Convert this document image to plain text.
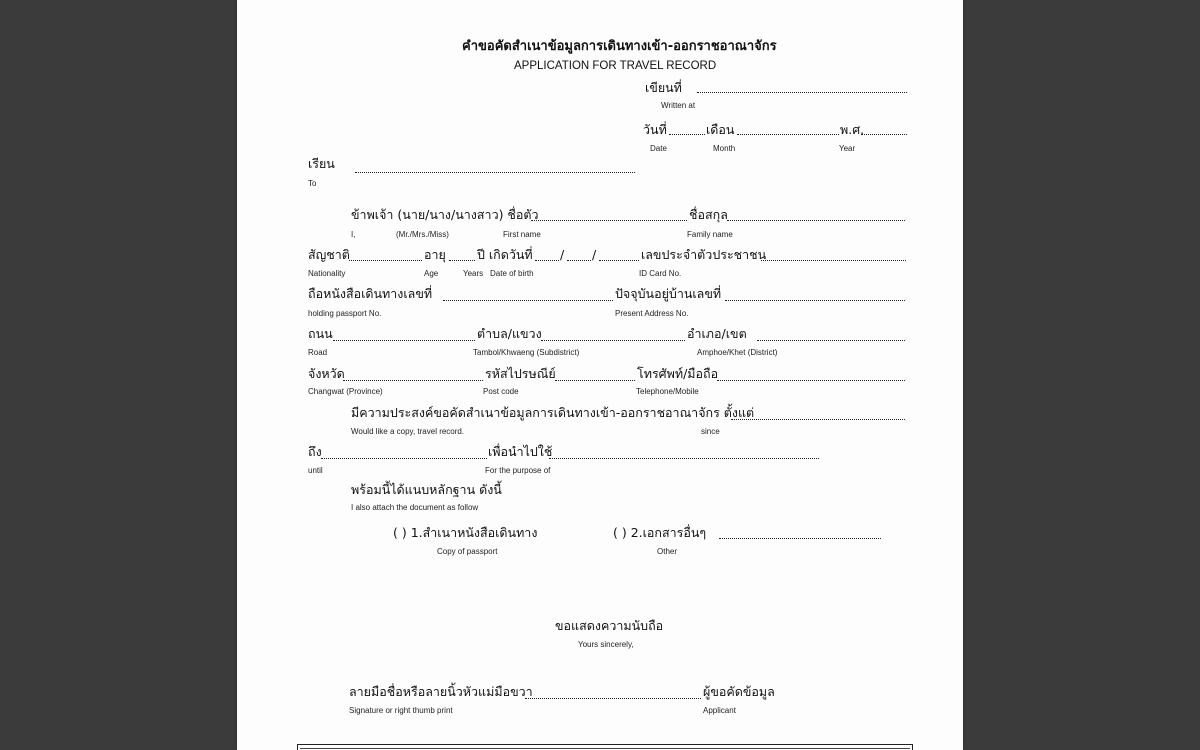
คำขอคัดสำเนาข้อมูลการเดินทางเข้า-ออกราชอาณาจักร
APPLICATION FOR TRAVEL RECORD
เขียนที่
Written at
วันที่	เดือน	พ.ศ.
Date	Month	Year
เรียน
To
ข้าพเจ้า (นาย/นาง/นางสาว) ชื่อตัว	ชื่อสกุล
I,	(Mr./Mrs./Miss)	First name	Family name
สัญชาติ	อายุ ปี เกิดวันที่ / /	เลขประจำตัวประชาชน
Nationality	Age	Years Date of birth	ID Card No.
ถือหนังสือเดินทางเลขที่	ปัจจุบันอยู่บ้านเลขที่
holding passport No.	Present Address No.
ถนน	ตำบล/แขวง	อำเภอ/เขต
Road	Tambol/Khwaeng (Subdistrict)	Amphoe/Khet (District)
จังหวัด	รหัสไปรษณีย์	โทรศัพท์/มือถือ
Changwat (Province)	Post code	Telephone/Mobile
มีความประสงค์ขอคัดสำเนาข้อมูลการเดินทางเข้า-ออกราชอาณาจักร ตั้งแต่
Would like a copy, travel record.	since
ถึง	เพื่อนำไปใช้
until	For the purpose of
พร้อมนี้ได้แนบหลักฐาน ดังนี้
I also attach the document as follow
( ) 1.สำเนาหนังสือเดินทาง
Copy of passport
( ) 2.เอกสารอื่นๆ
Other
ขอแสดงความนับถือ
Yours sincerely,
ลายมือชื่อหรือลายนิ้วหัวแม่มือขวา	ผู้ขอคัดข้อมูล
Signature or right thumb print	Applicant
